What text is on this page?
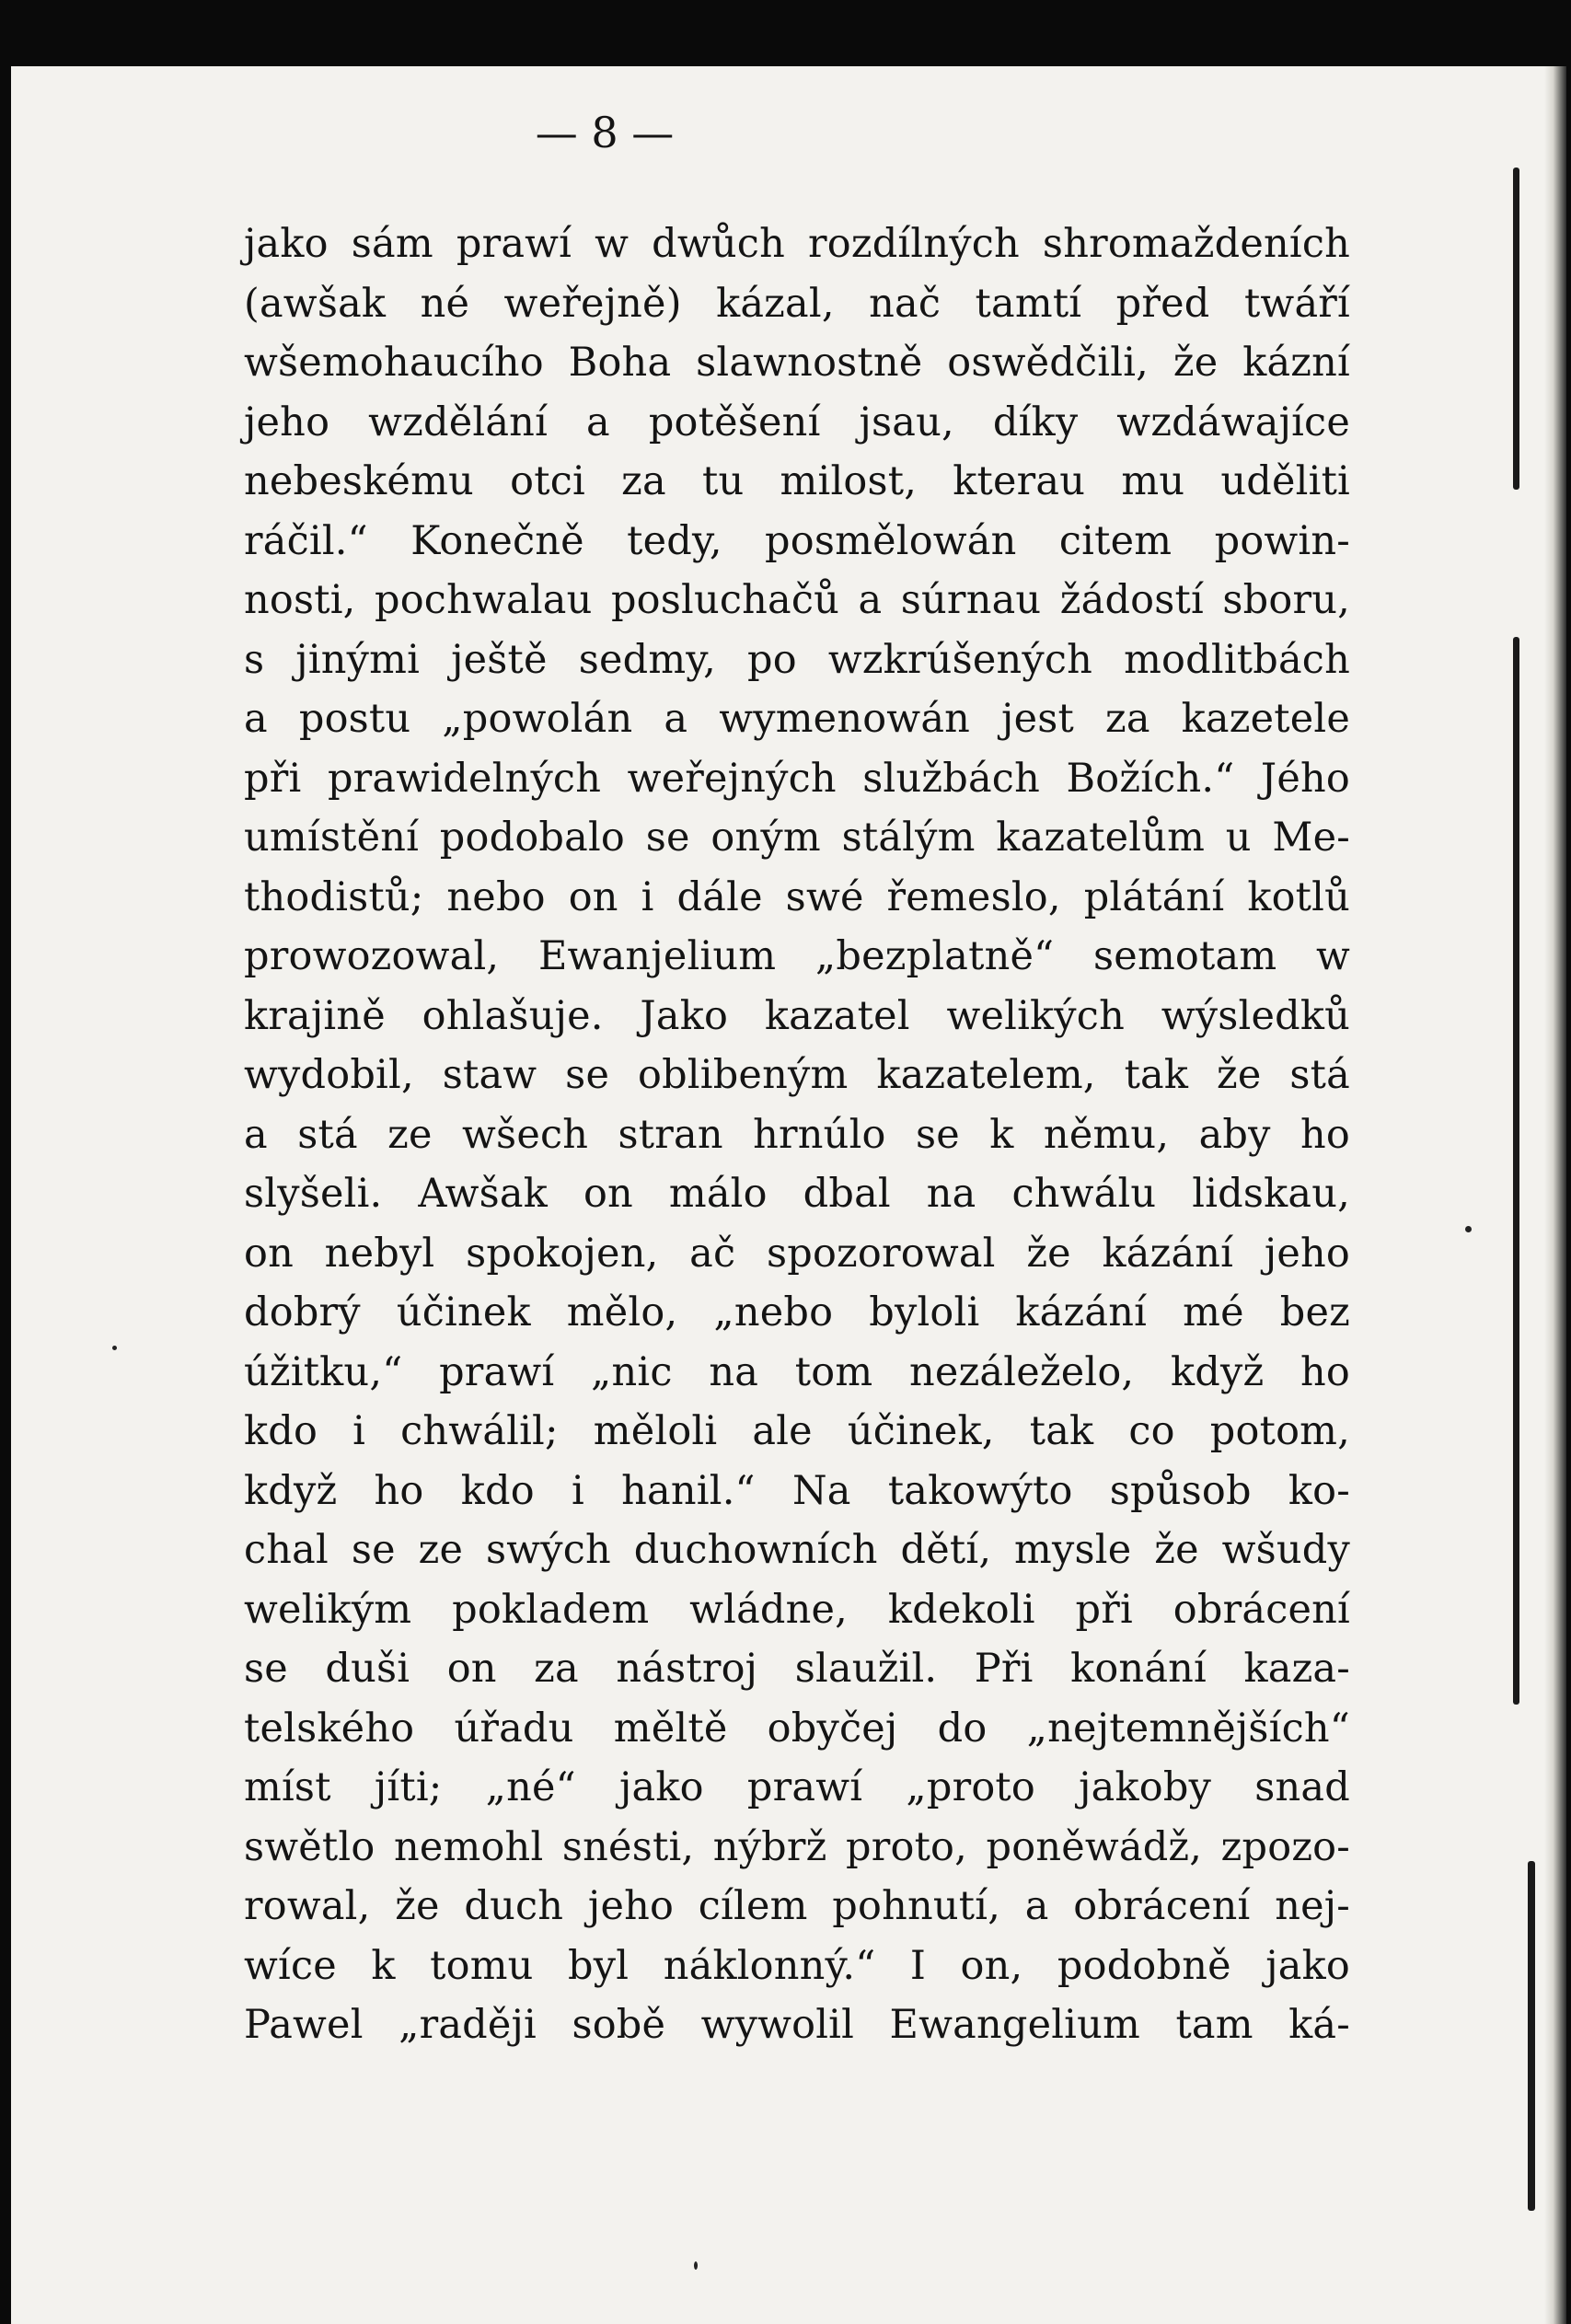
— 8 —
jako sám prawí w dwůch rozdílných shromaždeních
(awšak né weřejně) kázal, nač tamtí před twáří
wšemohaucího Boha slawnostně oswědčili, že kázní
jeho wzdělání a potěšení jsau, díky wzdáwajíce
nebeskému otci za tu milost, kterau mu uděliti
ráčil.“ Konečně tedy, posmělowán citem powin-
nosti, pochwalau posluchačů a súrnau žádostí sboru,
s jinými ještě sedmy, po wzkrúšených modlitbách
a postu „powolán a wymenowán jest za kazetele
při prawidelných weřejných službách Božích.“ Jého
umístění podobalo se oným stálým kazatelům u Me-
thodistů; nebo on i dále swé řemeslo, plátání kotlů
prowozowal, Ewanjelium „bezplatně“ semotam w
krajině ohlašuje. Jako kazatel welikých wýsledků
wydobil, staw se oblibeným kazatelem, tak že stá
a stá ze wšech stran hrnúlo se k němu, aby ho
slyšeli. Awšak on málo dbal na chwálu lidskau,
on nebyl spokojen, ač spozorowal že kázání jeho
dobrý účinek mělo, „nebo byloli kázání mé bez
úžitku,“ prawí „nic na tom nezáleželo, když ho
kdo i chwálil; měloli ale účinek, tak co potom,
když ho kdo i hanil.“ Na takowýto spůsob ko-
chal se ze swých duchowních dětí, mysle že wšudy
welikým pokladem wládne, kdekoli při obrácení
se duši on za nástroj slaužil. Při konání kaza-
telského úřadu měltě obyčej do „nejtemnějších“
míst jíti; „né“ jako prawí „proto jakoby snad
swětlo nemohl snésti, nýbrž proto, poněwádž, zpozo-
rowal, že duch jeho cílem pohnutí, a obrácení nej-
wíce k tomu byl náklonný.“ I on, podobně jako
Pawel „raději sobě wywolil Ewangelium tam ká-
